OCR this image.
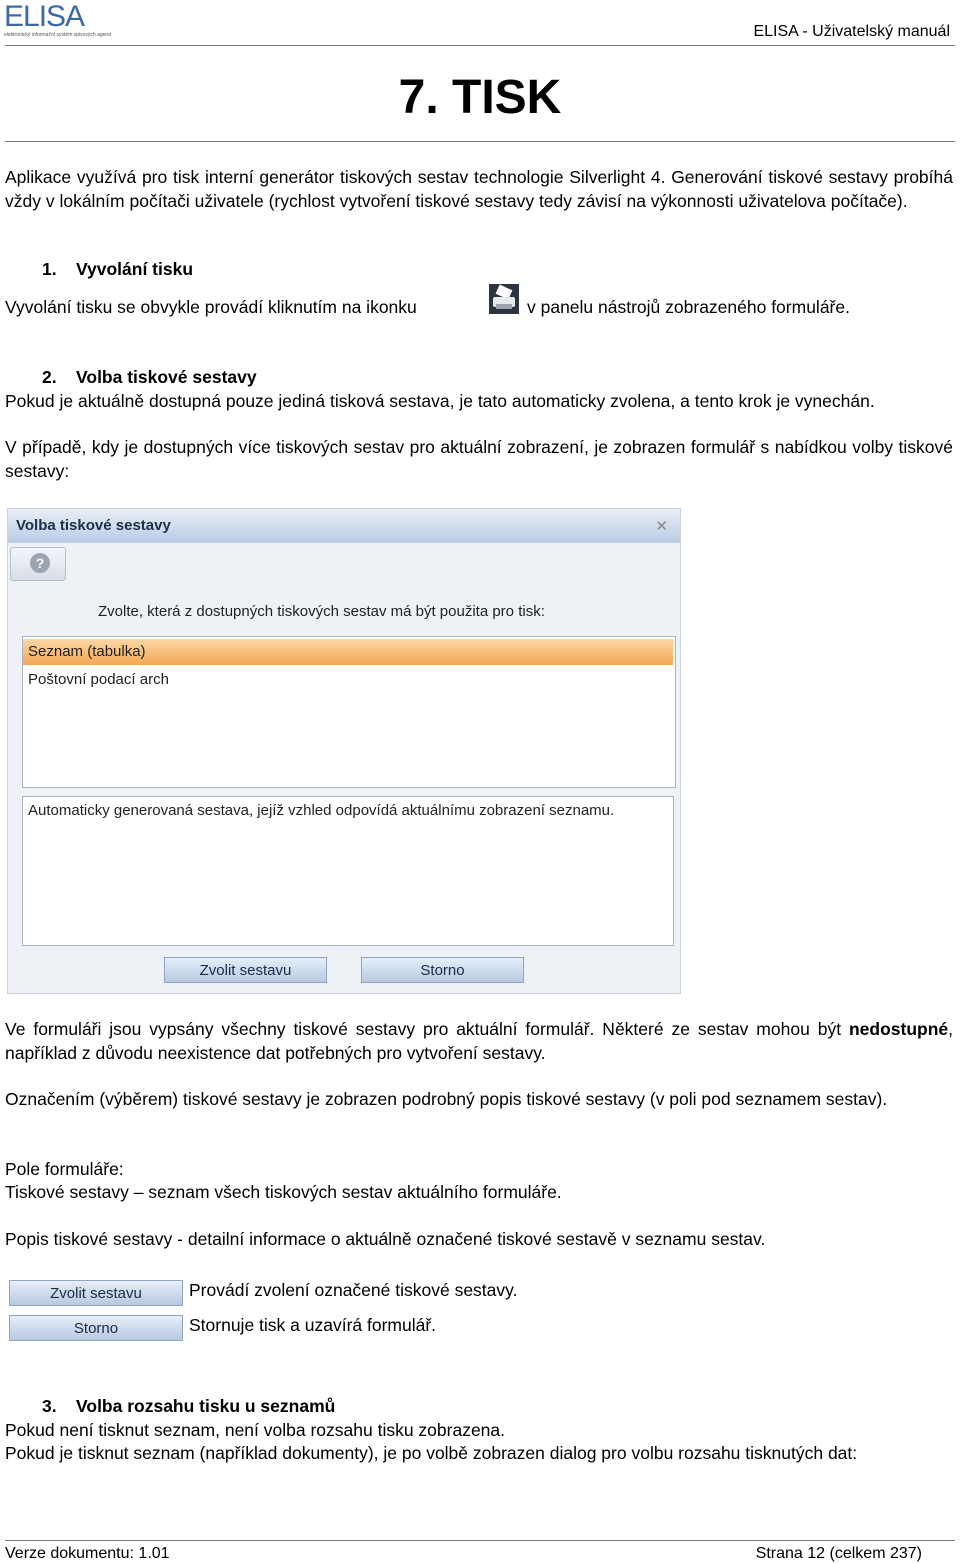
ELISA
elektronický informační systém spisových agend	ELISA - Uživatelský manuál
7. TISK
Aplikace využívá pro tisk interní generátor tiskových sestav technologie Silverlight 4. Generování tiskové sestavy probíhá vždy v lokálním počítači uživatele (rychlost vytvoření tiskové sestavy tedy závisí na výkonnosti uživatelova počítače).
1. Vyvolání tisku
Vyvolání tisku se obvykle provádí kliknutím na ikonku	v panelu nástrojů zobrazeného formuláře.
2. Volba tiskové sestavy
Pokud je aktuálně dostupná pouze jediná tisková sestava, je tato automaticky zvolena, a tento krok je vynechán.
V případě, kdy je dostupných více tiskových sestav pro aktuální zobrazení, je zobrazen formulář s nabídkou volby tiskové sestavy:
Volba tiskové sestavy	✕
?
Zvolte, která z dostupných tiskových sestav má být použita pro tisk:
Seznam (tabulka)
Poštovní podací arch
Automaticky generovaná sestava, jejíž vzhled odpovídá aktuálnímu zobrazení seznamu.
Zvolit sestavu	Storno
Ve formuláři jsou vypsány všechny tiskové sestavy pro aktuální formulář. Některé ze sestav mohou být nedostupné, například z důvodu neexistence dat potřebných pro vytvoření sestavy.
Označením (výběrem) tiskové sestavy je zobrazen podrobný popis tiskové sestavy (v poli pod seznamem sestav).
Pole formuláře:
Tiskové sestavy – seznam všech tiskových sestav aktuálního formuláře.
Popis tiskové sestavy - detailní informace o aktuálně označené tiskové sestavě v seznamu sestav.
Zvolit sestavu	Provádí zvolení označené tiskové sestavy.
Storno	Stornuje tisk a uzavírá formulář.
3. Volba rozsahu tisku u seznamů
Pokud není tisknut seznam, není volba rozsahu tisku zobrazena.
Pokud je tisknut seznam (například dokumenty), je po volbě zobrazen dialog pro volbu rozsahu tisknutých dat:
Verze dokumentu: 1.01	Strana 12 (celkem 237)
